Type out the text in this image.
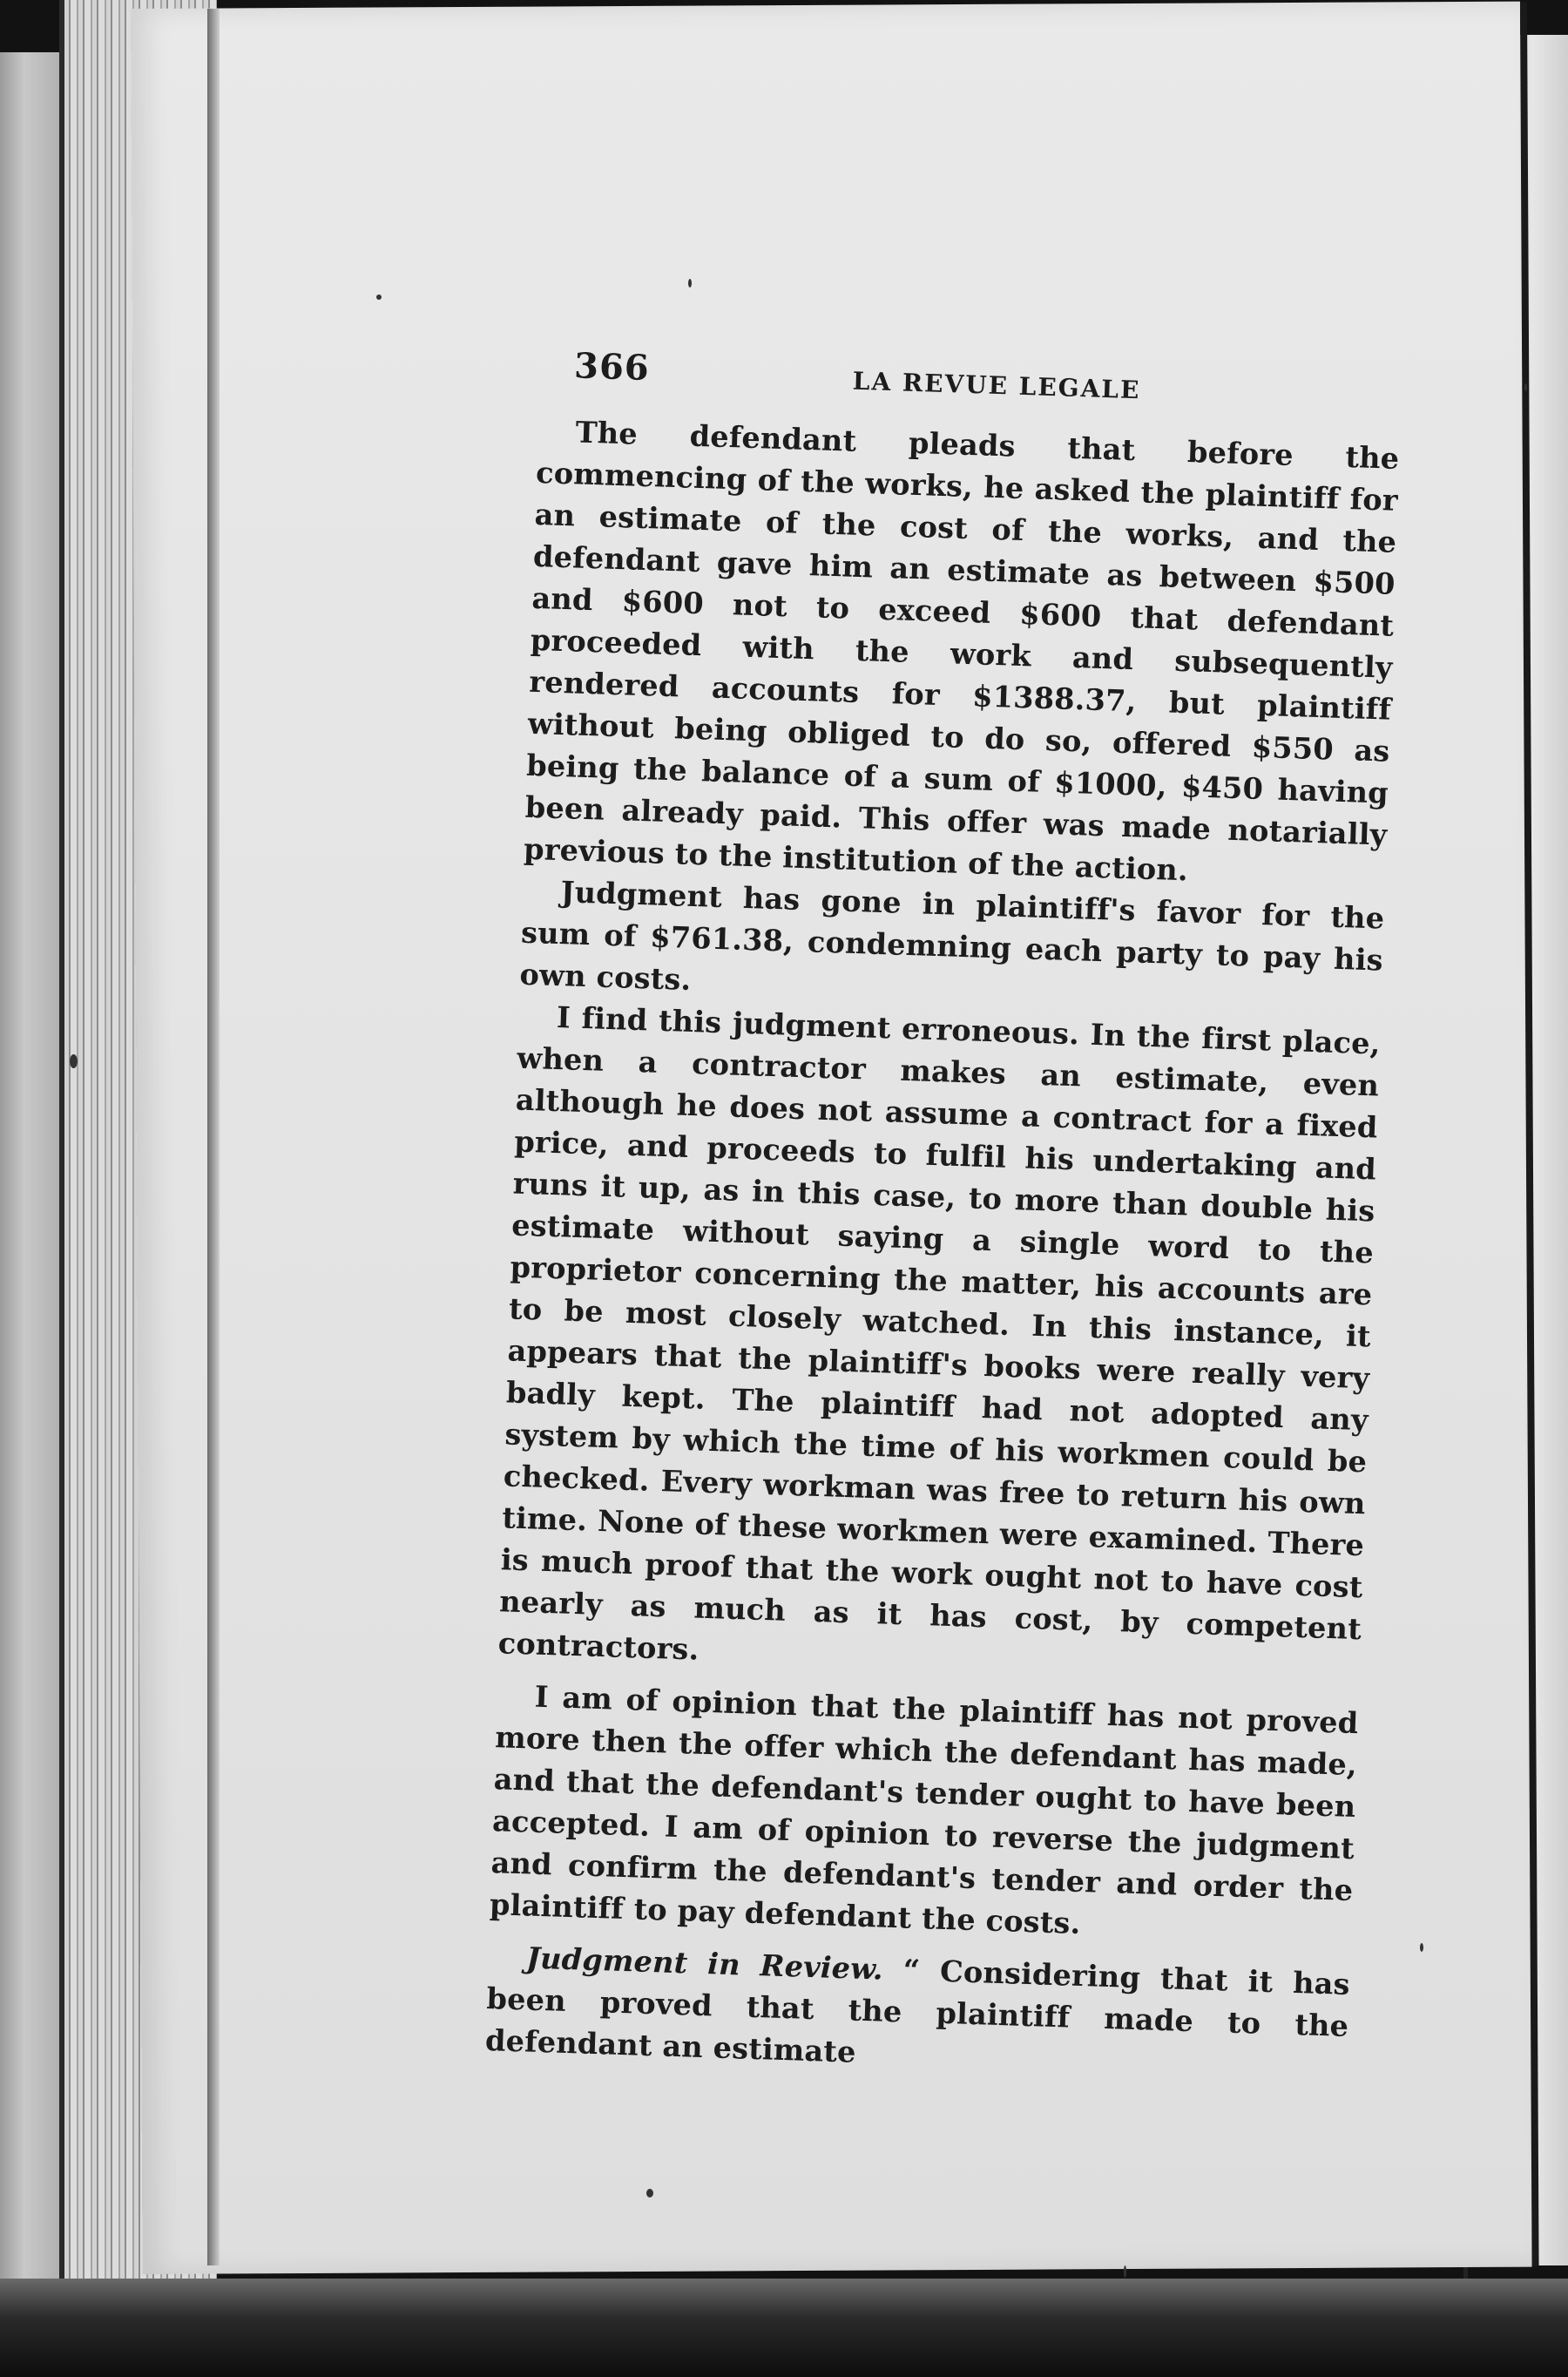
366	LA REVUE LEGALE

The defendant pleads that before the commencing of the works, he asked the plaintiff for an estimate of the cost of the works, and the defendant gave him an estimate as between $500 and $600 not to exceed $600 that defendant proceeded with the work and subsequently rendered accounts for $1388.37, but plaintiff without being obliged to do so, offered $550 as being the balance of a sum of $1000, $450 having been already paid. This offer was made notarially previous to the institution of the action.

Judgment has gone in plaintiff's favor for the sum of $761.38, condemning each party to pay his own costs.

I find this judgment erroneous. In the first place, when a contractor makes an estimate, even although he does not assume a contract for a fixed price, and proceeds to fulfil his undertaking and runs it up, as in this case, to more than double his estimate without saying a single word to the proprietor concerning the matter, his accounts are to be most closely watched. In this instance, it appears that the plaintiff's books were really very badly kept. The plaintiff had not adopted any system by which the time of his workmen could be checked. Every workman was free to return his own time. None of these workmen were examined. There is much proof that the work ought not to have cost nearly as much as it has cost, by competent contractors.

I am of opinion that the plaintiff has not proved more then the offer which the defendant has made, and that the defendant's tender ought to have been accepted. I am of opinion to reverse the judgment and confirm the defendant's tender and order the plaintiff to pay defendant the costs.

Judgment in Review. “ Considering that it has been proved that the plaintiff made to the defendant an estimate
